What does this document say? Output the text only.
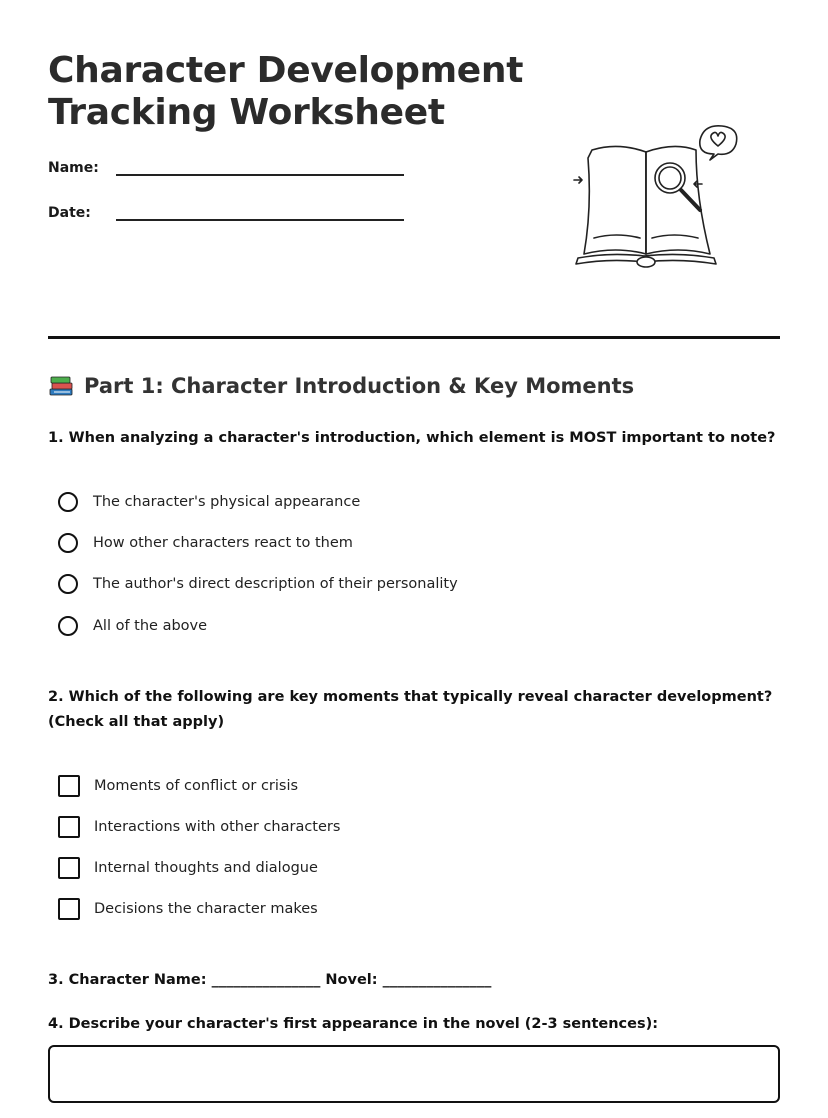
Character Development
Tracking Worksheet
Name:
Date:
Part 1: Character Introduction & Key Moments
1. When analyzing a character's introduction, which element is MOST important to note?
The character's physical appearance
How other characters react to them
The author's direct description of their personality
All of the above
2. Which of the following are key moments that typically reveal character development? (Check all that apply)
Moments of conflict or crisis
Interactions with other characters
Internal thoughts and dialogue
Decisions the character makes
3. Character Name: _______________ Novel: _______________
4. Describe your character's first appearance in the novel (2-3 sentences):
